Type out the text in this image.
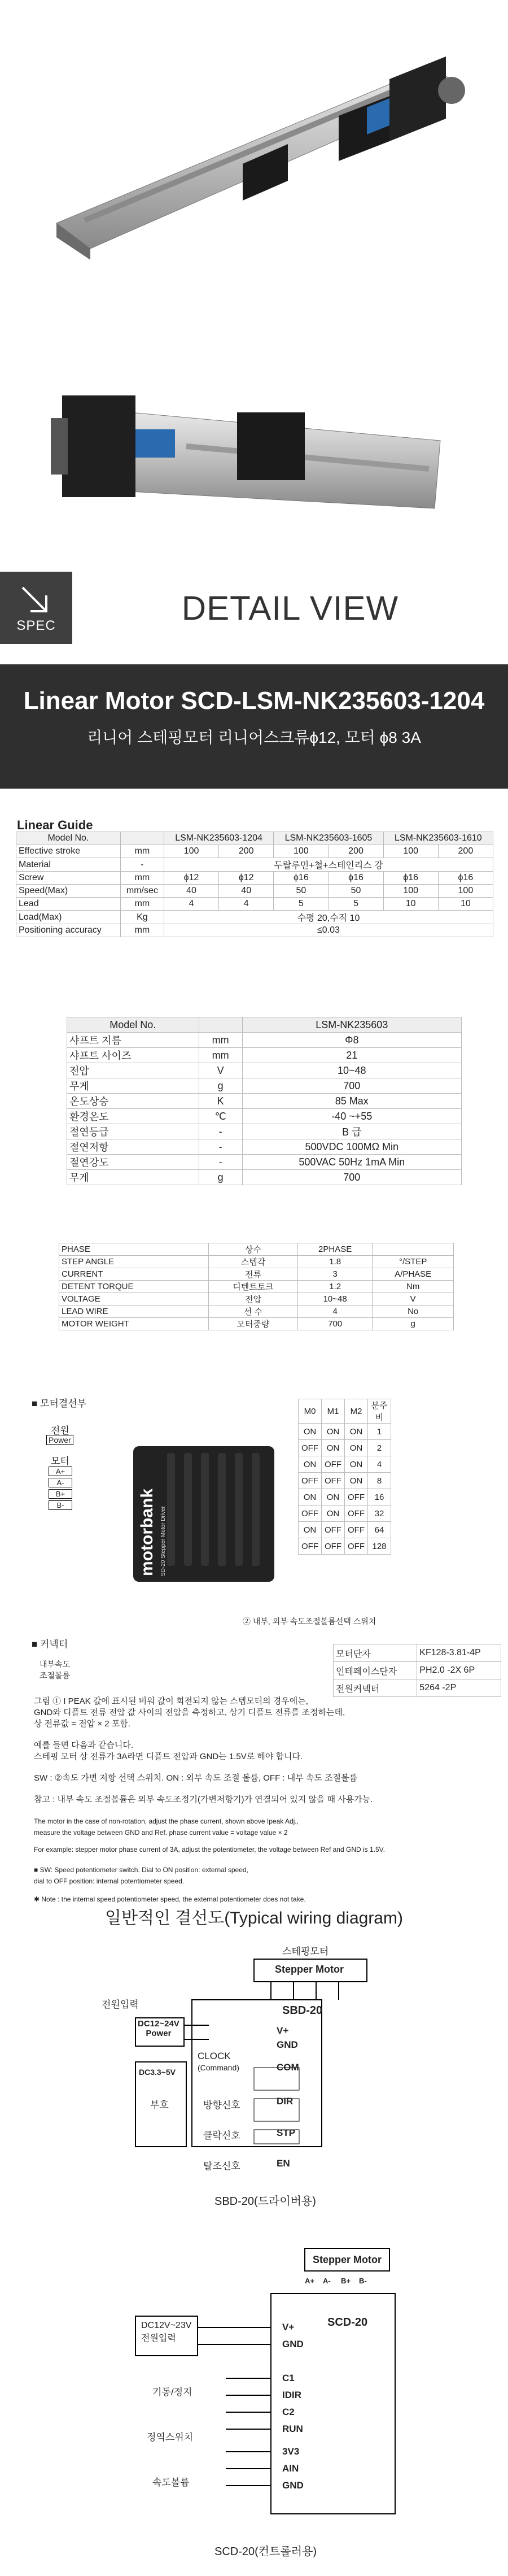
SPEC	DETAIL VIEW
Linear Motor SCD-LSM-NK235603-1204
리니어 스테핑모터 리니어스크류ϕ12, 모터 ϕ8 3A
Linear Guide
Model No.		LSM-NK235603-1204		LSM-NK235603-1605		LSM-NK235603-1610	
Effective stroke	mm	100	200	100	200	100	200
Material	-	두랄루민+철+스테인리스 강					
Screw	mm	ϕ12	ϕ12	ϕ16	ϕ16	ϕ16	ϕ16
Speed(Max)	mm/sec	40	40	50	50	100	100
Lead	mm	4	4	5	5	10	10
Load(Max)	Kg	수평 20,수직 10					
Positioning accuracy	mm	≤0.03					
Model No.		LSM-NK235603
샤프트 지름	mm	Φ8
샤프트 사이즈	mm	21
전압	V	10~48
무게	g	700
온도상승	K	85 Max
환경온도	℃	-40 ~+55
절연등급	-	B 급
절연저항	-	500VDC 100MΩ Min
절연강도	-	500VAC 50Hz 1mA Min
무게	g	700
PHASE	상수	2PHASE	
STEP ANGLE	스텝각	1.8	°/STEP
CURRENT	전류	3	A/PHASE
DETENT TORQUE	디텐트토크	1.2	Nm
VOLTAGE	전압	10~48	V
LEAD WIRE	선 수	4	No
MOTOR WEIGHT	모터중량	700	g
■ 모터결선부
전원
Power
모터
A+
A-
B+
B-
SD-20 Stepper Motor Driver
■ 커넥터
내부속도
조절볼륨
② 내부, 외부 속도조절볼륨선택 스위치
M0	M1	M2	분주비
ON	ON	ON	1
OFF	ON	ON	2
ON	OFF	ON	4
OFF	OFF	ON	8
ON	ON	OFF	16
OFF	ON	OFF	32
ON	OFF	OFF	64
OFF	OFF	OFF	128
모터단자	KF128-3.81-4P
인테페이스단자	PH2.0 -2X 6P
전원커넥터	5264 -2P
그림 ① I PEAK 값에 표시된 비워 값이 회전되지 않는 스텝모터의 경우에는,
GND와 디플트 전류 전압 값 사이의 전압을 측정하고, 상기 디플트 전류를 조정하는데,
상 전류값 = 전압 × 2 포함.
예를 들면 다음과 같습니다.
스테핑 모터 상 전류가 3A라면 디플트 전압과 GND는 1.5V로 해야 합니다.
SW : ②속도 가변 저항 선택 스위치. ON : 외부 속도 조절 볼륨, OFF : 내부 속도 조절볼륨
참고 : 내부 속도 조절볼륨은 외부 속도조정기(가변저항기)가 연결되어 있지 않을 때 사용가능.
The motor in the case of non-rotation, adjust the phase current, shown above Ipeak Adj.,
measure the voltage between GND and Ref. phase current value = voltage value × 2
For example: stepper motor phase current of 3A, adjust the potentiometer, the voltage between Ref and GND is 1.5V.
■ SW: Speed potentiometer switch. Dial to ON position: external speed,
dial to OFF position: internal potentiometer speed.
✱ Note : the internal speed potentiometer speed, the external potentiometer does not take.
일반적인 결선도(Typical wiring diagram)
Stepper Motor
스테핑모터
SBD-20
전원입력
DC12~24V
Power
CLOCK
(Command)
DC3.3~5V
부호	방향신호
클락신호
탈조신호
V+
GND
COM
DIR
STP
EN
SBD-20(드라이버용)
Stepper Motor
SCD-20
A+ A- B+ B-
DC12V~23V
전원입력
기동/정지
정역스위치
속도볼륨
V+
GND
C1
IDIR
C2
RUN
3V3
AIN
GND
SCD-20(컨트롤러용)
